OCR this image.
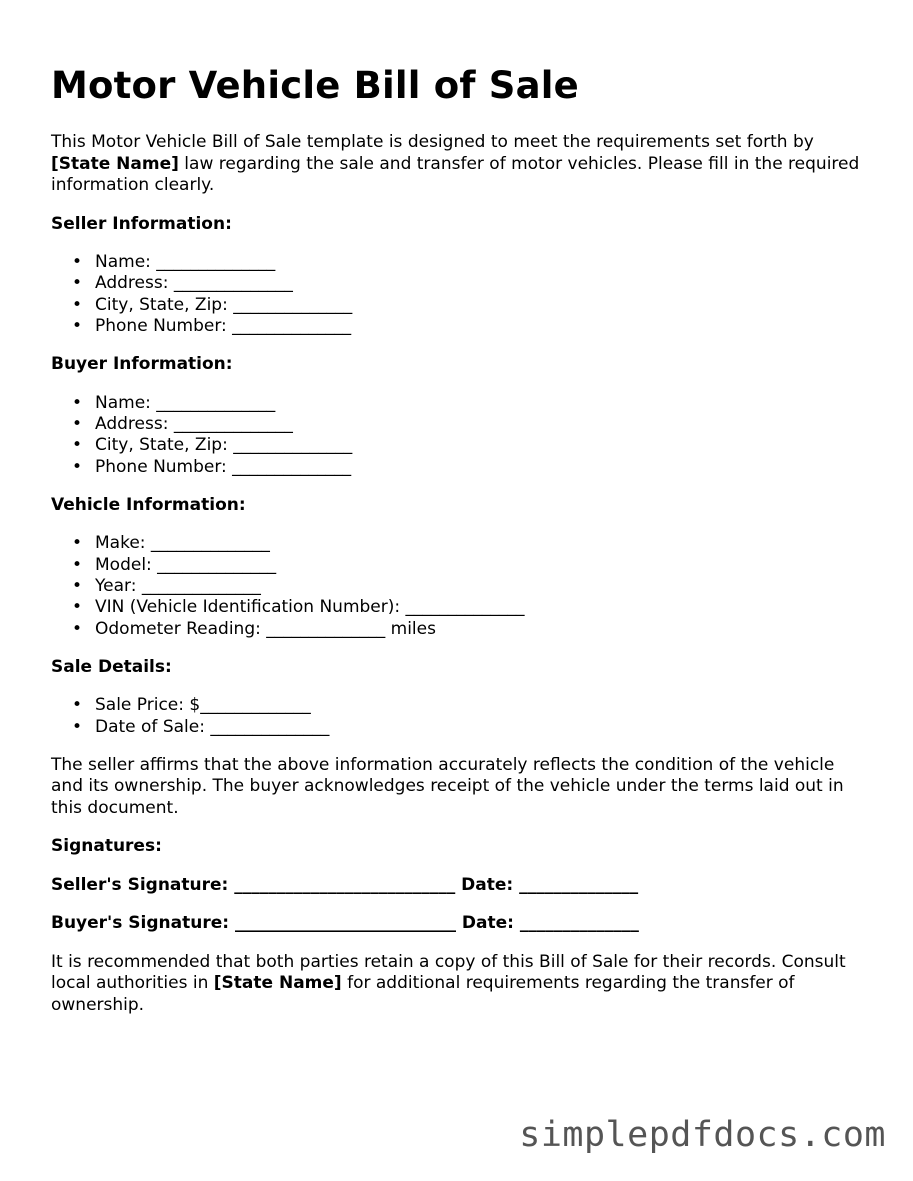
Motor Vehicle Bill of Sale

This Motor Vehicle Bill of Sale template is designed to meet the requirements set forth by [State Name] law regarding the sale and transfer of motor vehicles. Please fill in the required information clearly.

Seller Information:
• Name: ______________
• Address: ______________
• City, State, Zip: ______________
• Phone Number: ______________
Buyer Information:
• Name: ______________
• Address: ______________
• City, State, Zip: ______________
• Phone Number: ______________
Vehicle Information:
• Make: ______________
• Model: ______________
• Year: ______________
• VIN (Vehicle Identification Number): ______________
• Odometer Reading: ______________ miles
Sale Details:
• Sale Price: $_____________
• Date of Sale: ______________

The seller affirms that the above information accurately reflects the condition of the vehicle and its ownership. The buyer acknowledges receipt of the vehicle under the terms laid out in this document.

Signatures:
Seller's Signature: __________________________ Date: ______________
Buyer's Signature: __________________________ Date: ______________

It is recommended that both parties retain a copy of this Bill of Sale for their records. Consult local authorities in [State Name] for additional requirements regarding the transfer of ownership.

simplepdfdocs.com
